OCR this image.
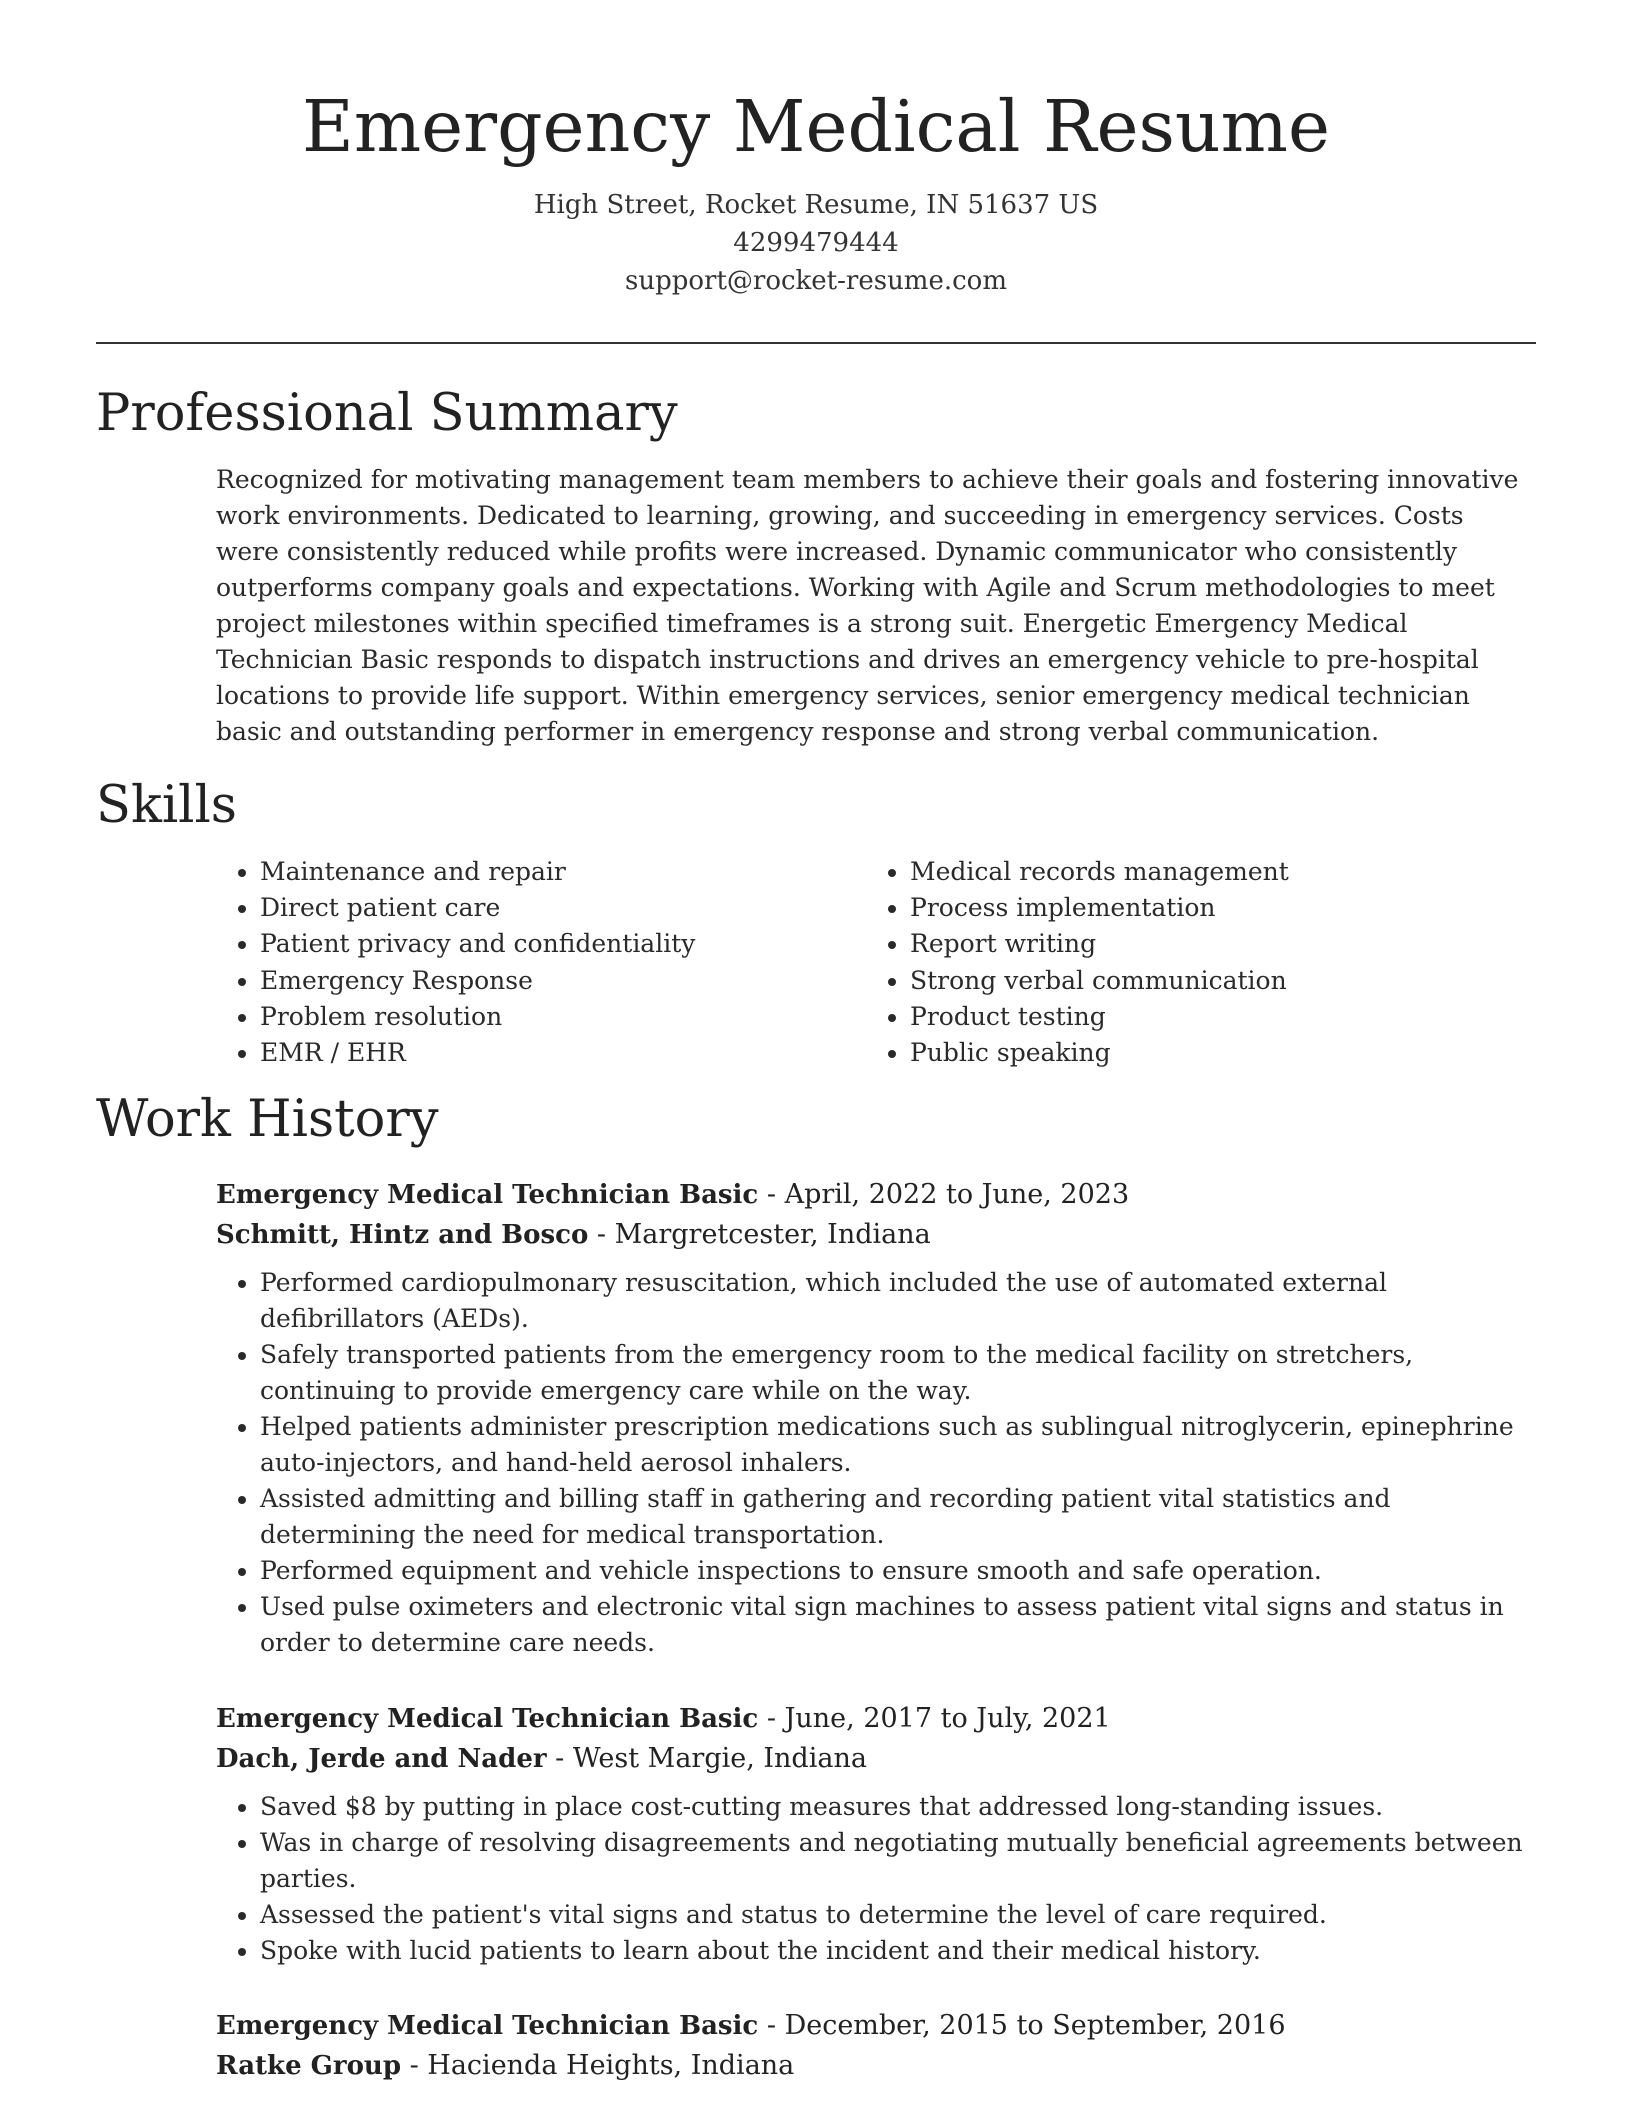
Emergency Medical Resume
High Street, Rocket Resume, IN 51637 US
4299479444
support@rocket-resume.com
Professional Summary

Recognized for motivating management team members to achieve their goals and fostering innovative work environments. Dedicated to learning, growing, and succeeding in emergency services. Costs were consistently reduced while profits were increased. Dynamic communicator who consistently outperforms company goals and expectations. Working with Agile and Scrum methodologies to meet project milestones within specified timeframes is a strong suit. Energetic Emergency Medical Technician Basic responds to dispatch instructions and drives an emergency vehicle to pre-hospital locations to provide life support. Within emergency services, senior emergency medical technician basic and outstanding performer in emergency response and strong verbal communication.

Skills
• Maintenance and repair
• Direct patient care
• Patient privacy and confidentiality
• Emergency Response
• Problem resolution
• EMR / EHR
• Medical records management
• Process implementation
• Report writing
• Strong verbal communication
• Product testing
• Public speaking
Work History
Emergency Medical Technician Basic - April, 2022 to June, 2023
Schmitt, Hintz and Bosco - Margretcester, Indiana
• Performed cardiopulmonary resuscitation, which included the use of automated external defibrillators (AEDs).
• Safely transported patients from the emergency room to the medical facility on stretchers, continuing to provide emergency care while on the way.
• Helped patients administer prescription medications such as sublingual nitroglycerin, epinephrine auto-injectors, and hand-held aerosol inhalers.
• Assisted admitting and billing staff in gathering and recording patient vital statistics and determining the need for medical transportation.
• Performed equipment and vehicle inspections to ensure smooth and safe operation.
• Used pulse oximeters and electronic vital sign machines to assess patient vital signs and status in order to determine care needs.
Emergency Medical Technician Basic - June, 2017 to July, 2021
Dach, Jerde and Nader - West Margie, Indiana
• Saved $8 by putting in place cost-cutting measures that addressed long-standing issues.
• Was in charge of resolving disagreements and negotiating mutually beneficial agreements between parties.
• Assessed the patient's vital signs and status to determine the level of care required.
• Spoke with lucid patients to learn about the incident and their medical history.
Emergency Medical Technician Basic - December, 2015 to September, 2016
Ratke Group - Hacienda Heights, Indiana
